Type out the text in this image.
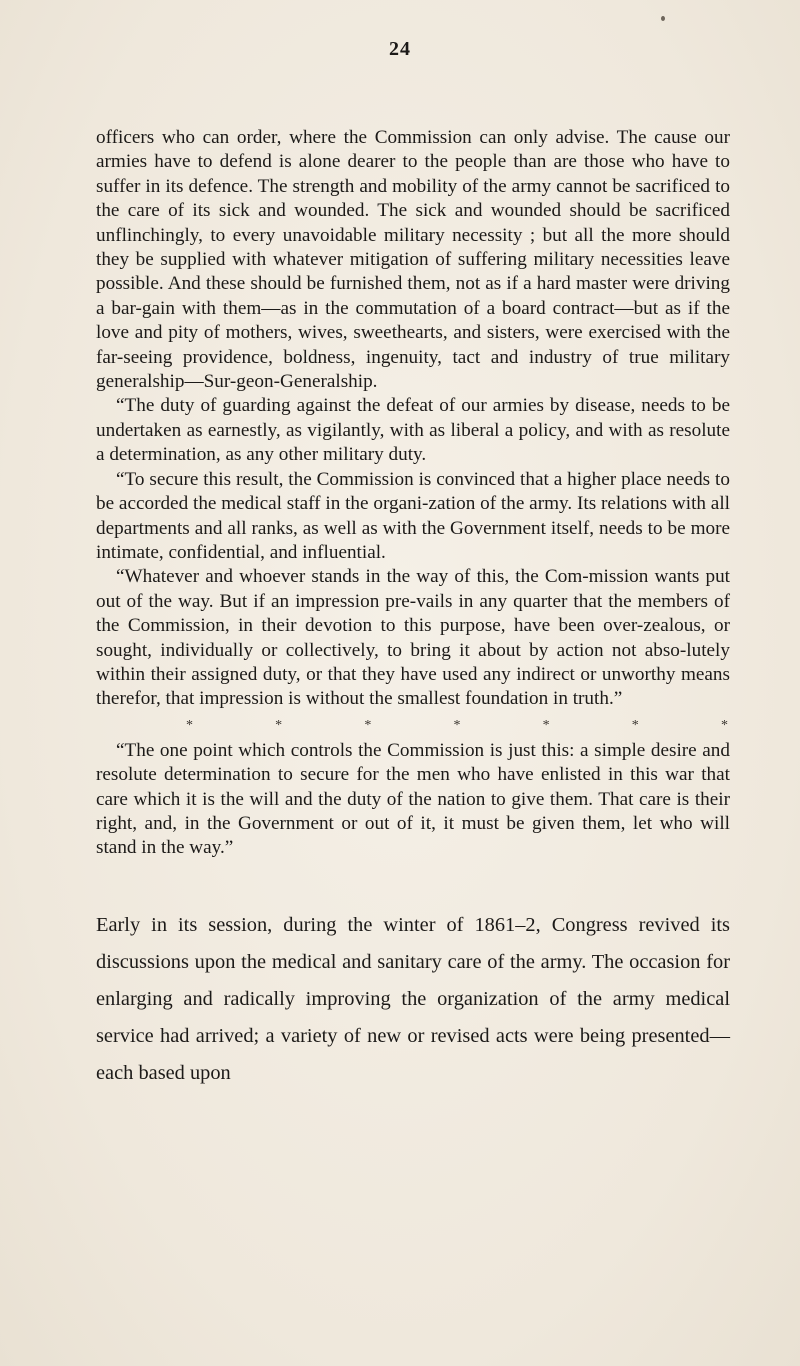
24

officers who can order, where the Commission can only advise. The cause our armies have to defend is alone dearer to the people than are those who have to suffer in its defence. The strength and mobility of the army cannot be sacrificed to the care of its sick and wounded. The sick and wounded should be sacrificed unflinchingly, to every unavoidable military necessity ; but all the more should they be supplied with whatever mitigation of suffering military necessities leave possible. And these should be furnished them, not as if a hard master were driving a bar-gain with them—as in the commutation of a board contract—but as if the love and pity of mothers, wives, sweethearts, and sisters, were exercised with the far-seeing providence, boldness, ingenuity, tact and industry of true military generalship—Sur-geon-Generalship.

“The duty of guarding against the defeat of our armies by disease, needs to be undertaken as earnestly, as vigilantly, with as liberal a policy, and with as resolute a determination, as any other military duty.

“To secure this result, the Commission is convinced that a higher place needs to be accorded the medical staff in the organi-zation of the army. Its relations with all departments and all ranks, as well as with the Government itself, needs to be more intimate, confidential, and influential.

“Whatever and whoever stands in the way of this, the Com-mission wants put out of the way. But if an impression pre-vails in any quarter that the members of the Commission, in their devotion to this purpose, have been over-zealous, or sought, individually or collectively, to bring it about by action not abso-lutely within their assigned duty, or that they have used any indirect or unworthy means therefor, that impression is without the smallest foundation in truth.”

*	*	*	*	*	*	*

“The one point which controls the Commission is just this: a simple desire and resolute determination to secure for the men who have enlisted in this war that care which it is the will and the duty of the nation to give them. That care is their right, and, in the Government or out of it, it must be given them, let who will stand in the way.”

Early in its session, during the winter of 1861–2, Congress revived its discussions upon the medical and sanitary care of the army. The occasion for enlarging and radically improving the organization of the army medical service had arrived; a variety of new or revised acts were being presented—each based upon
